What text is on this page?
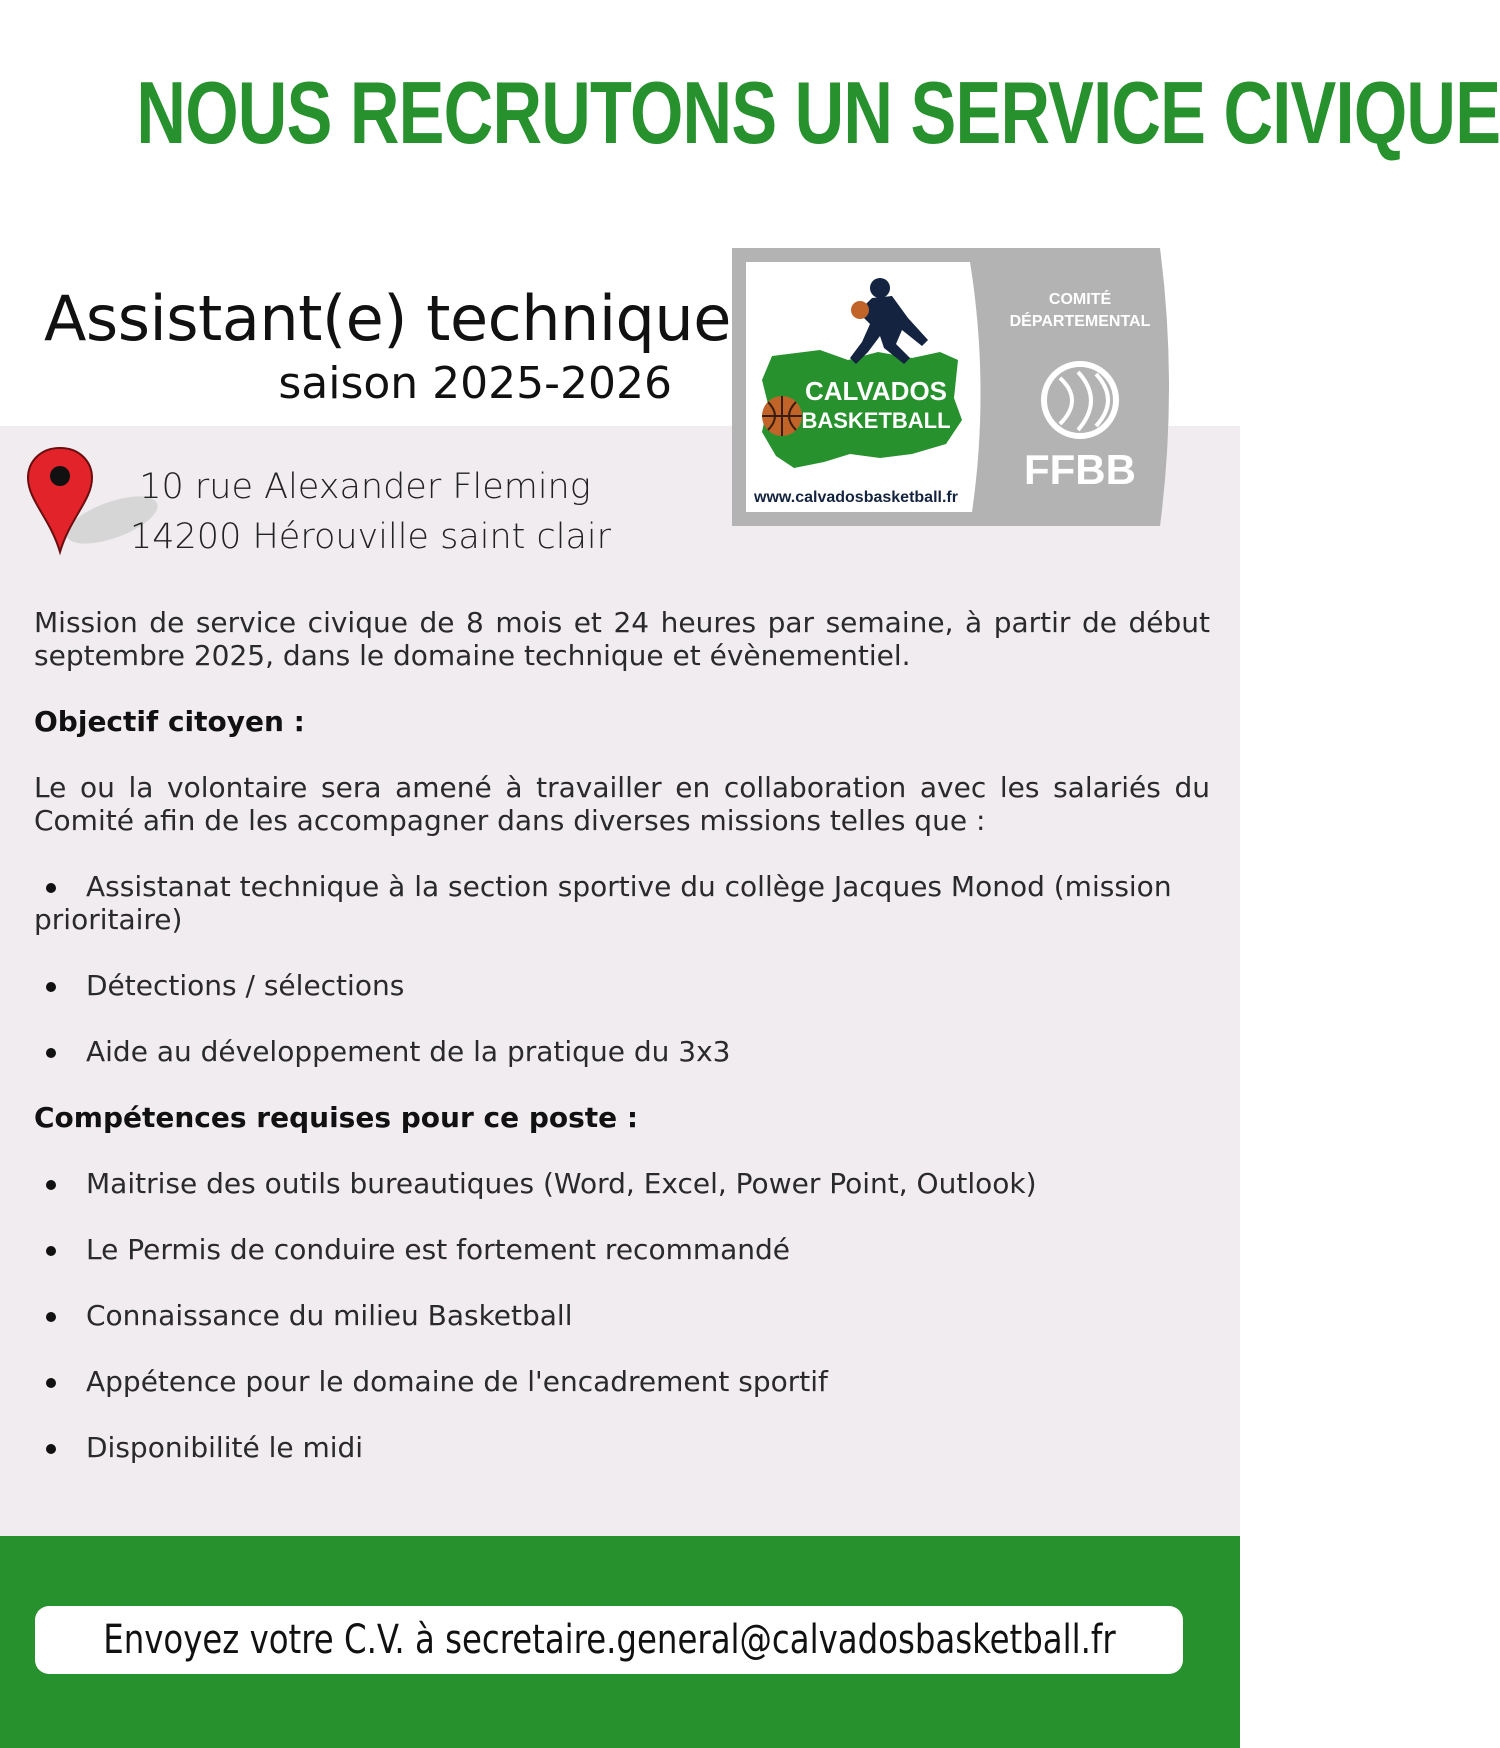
NOUS RECRUTONS UN SERVICE CIVIQUE
Assistant(e) technique
saison 2025-2026	CALVADOS
BASKETBALL
www.calvadosbasketball.fr
COMITÉ
DÉPARTEMENTAL
FFBB
10 rue Alexander Fleming
14200 Hérouville saint clair

Mission de service civique de 8 mois et 24 heures par semaine, à partir de début septembre 2025, dans le domaine technique et évènementiel.

Objectif citoyen :

Le ou la volontaire sera amené à travailler en collaboration avec les salariés du Comité afin de les accompagner dans diverses missions telles que :

Assistanat technique à la section sportive du collège Jacques Monod (mission prioritaire)
Détections / sélections
Aide au développement de la pratique du 3x3

Compétences requises pour ce poste :

Maitrise des outils bureautiques (Word, Excel, Power Point, Outlook)
Le Permis de conduire est fortement recommandé
Connaissance du milieu Basketball
Appétence pour le domaine de l'encadrement sportif
Disponibilité le midi
Envoyez votre C.V. à secretaire.general@calvadosbasketball.fr
